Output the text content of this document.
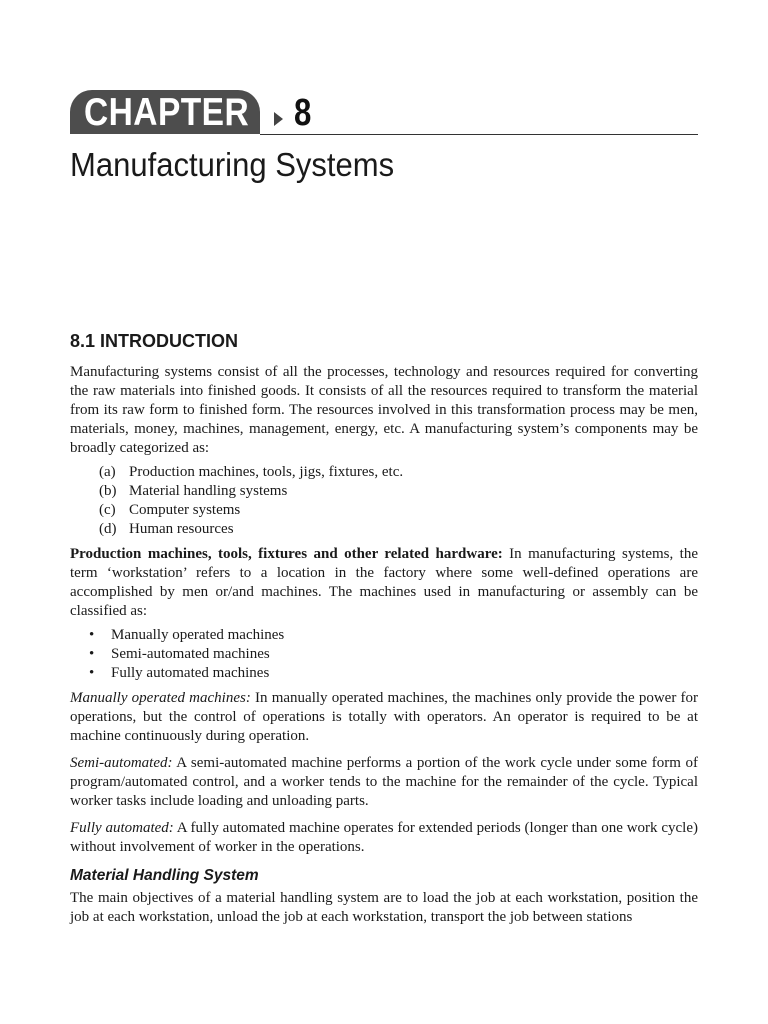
CHAPTER 8
Manufacturing Systems
8.1 INTRODUCTION

Manufacturing systems consist of all the processes, technology and resources required for converting the raw materials into finished goods. It consists of all the resources required to transform the material from its raw form to finished form. The resources involved in this transformation process may be men, materials, money, machines, management, energy, etc. A manufacturing system’s components may be broadly categorized as:

(a) Production machines, tools, jigs, fixtures, etc.
(b) Material handling systems
(c) Computer systems
(d) Human resources

Production machines, tools, fixtures and other related hardware: In manufacturing systems, the term ‘workstation’ refers to a location in the factory where some well-defined operations are accomplished by men or/and machines. The machines used in manufacturing or assembly can be classified as:

• Manually operated machines
• Semi-automated machines
• Fully automated machines

Manually operated machines: In manually operated machines, the machines only provide the power for operations, but the control of operations is totally with operators. An operator is required to be at machine continuously during operation.

Semi-automated: A semi-automated machine performs a portion of the work cycle under some form of program/automated control, and a worker tends to the machine for the remainder of the cycle. Typical worker tasks include loading and unloading parts.

Fully automated: A fully automated machine operates for extended periods (longer than one work cycle) without involvement of worker in the operations.

Material Handling System

The main objectives of a material handling system are to load the job at each workstation, position the job at each workstation, unload the job at each workstation, transport the job between stations
